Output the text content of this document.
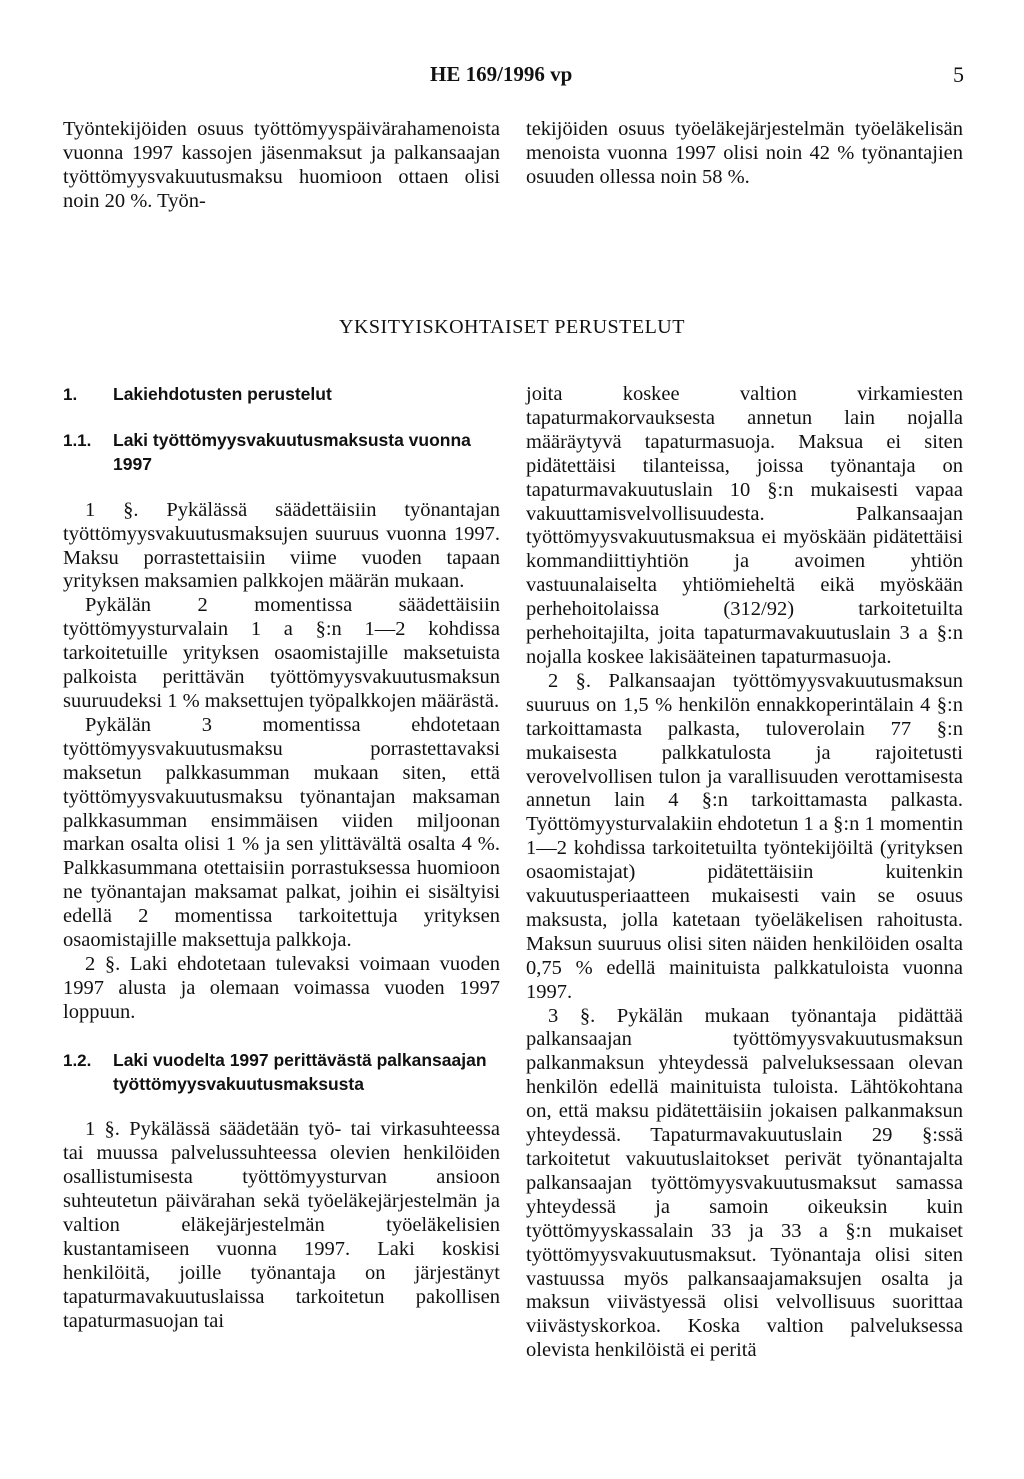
HE 169/1996 vp	5

Työntekijöiden osuus työttömyyspäivärahamenoista vuonna 1997 kassojen jäsenmaksut ja palkansaajan työttömyysvakuutusmaksu huomioon ottaen olisi noin 20 %. Työn-

tekijöiden osuus työeläkejärjestelmän työeläkelisän menoista vuonna 1997 olisi noin 42 % työnantajien osuuden ollessa noin 58 %.

YKSITYISKOHTAISET PERUSTELUT
1.	Lakiehdotusten perustelut
1.1.	Laki työttömyysvakuutusmaksusta vuonna 1997

1 §. Pykälässä säädettäisiin työnantajan työttömyysvakuutusmaksujen suuruus vuonna 1997. Maksu porrastettaisiin viime vuoden tapaan yrityksen maksamien palkkojen määrän mukaan.

Pykälän 2 momentissa säädettäisiin työttömyysturvalain 1 a §:n 1—2 kohdissa tarkoitetuille yrityksen osaomistajille maksetuista palkoista perittävän työttömyysvakuutusmaksun suuruudeksi 1 % maksettujen työpalkkojen määrästä.

Pykälän 3 momentissa ehdotetaan työttömyysvakuutusmaksu porrastettavaksi maksetun palkkasumman mukaan siten, että työttömyysvakuutusmaksu työnantajan maksaman palkkasumman ensimmäisen viiden miljoonan markan osalta olisi 1 % ja sen ylittävältä osalta 4 %. Palkkasummana otettaisiin porrastuksessa huomioon ne työnantajan maksamat palkat, joihin ei sisältyisi edellä 2 momentissa tarkoitettuja yrityksen osaomistajille maksettuja palkkoja.

2 §. Laki ehdotetaan tulevaksi voimaan vuoden 1997 alusta ja olemaan voimassa vuoden 1997 loppuun.

1.2.	Laki vuodelta 1997 perittävästä palkansaajan työttömyysvakuutusmaksusta

1 §. Pykälässä säädetään työ- tai virkasuhteessa tai muussa palvelussuhteessa olevien henkilöiden osallistumisesta työttömyysturvan ansioon suhteutetun päivärahan sekä työeläkejärjestelmän ja valtion eläkejärjestelmän työeläkelisien kustantamiseen vuonna 1997. Laki koskisi henkilöitä, joille työnantaja on järjestänyt tapaturmavakuutuslaissa tarkoitetun pakollisen tapaturmasuojan tai

joita koskee valtion virkamiesten tapaturmakorvauksesta annetun lain nojalla määräytyvä tapaturmasuoja. Maksua ei siten pidätettäisi tilanteissa, joissa työnantaja on tapaturmavakuutuslain 10 §:n mukaisesti vapaa vakuuttamisvelvollisuudesta. Palkansaajan työttömyysvakuutusmaksua ei myöskään pidätettäisi kommandiittiyhtiön ja avoimen yhtiön vastuunalaiselta yhtiömieheltä eikä myöskään perhehoitolaissa (312/92) tarkoitetuilta perhehoitajilta, joita tapaturmavakuutuslain 3 a §:n nojalla koskee lakisääteinen tapaturmasuoja.

2 §. Palkansaajan työttömyysvakuutusmaksun suuruus on 1,5 % henkilön ennakkoperintälain 4 §:n tarkoittamasta palkasta, tuloverolain 77 §:n mukaisesta palkkatulosta ja rajoitetusti verovelvollisen tulon ja varallisuuden verottamisesta annetun lain 4 §:n tarkoittamasta palkasta. Työttömyysturvalakiin ehdotetun 1 a §:n 1 momentin 1—2 kohdissa tarkoitetuilta työntekijöiltä (yrityksen osaomistajat) pidätettäisiin kuitenkin vakuutusperiaatteen mukaisesti vain se osuus maksusta, jolla katetaan työeläkelisen rahoitusta. Maksun suuruus olisi siten näiden henkilöiden osalta 0,75 % edellä mainituista palkkatuloista vuonna 1997.

3 §. Pykälän mukaan työnantaja pidättää palkansaajan työttömyysvakuutusmaksun palkanmaksun yhteydessä palveluksessaan olevan henkilön edellä mainituista tuloista. Lähtökohtana on, että maksu pidätettäisiin jokaisen palkanmaksun yhteydessä. Tapaturmavakuutuslain 29 §:ssä tarkoitetut vakuutuslaitokset perivät työnantajalta palkansaajan työttömyysvakuutusmaksut samassa yhteydessä ja samoin oikeuksin kuin työttömyyskassalain 33 ja 33 a §:n mukaiset työttömyysvakuutusmaksut. Työnantaja olisi siten vastuussa myös palkansaajamaksujen osalta ja maksun viivästyessä olisi velvollisuus suorittaa viivästyskorkoa. Koska valtion palveluksessa olevista henkilöistä ei peritä
